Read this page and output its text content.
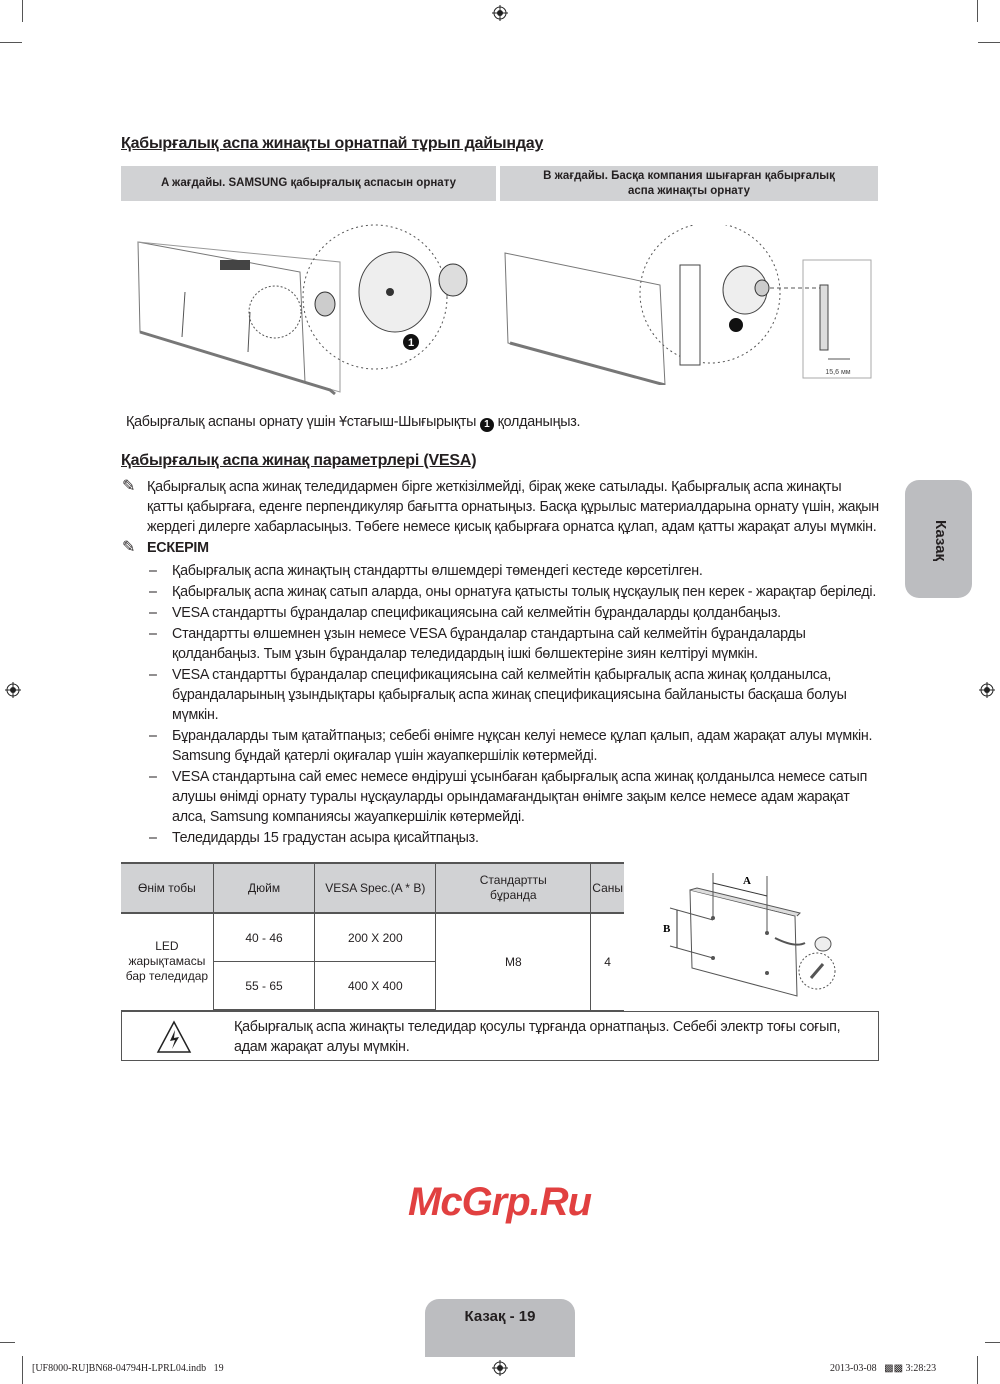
Қабырғалық аспа жинақты орнатпай тұрып дайындау
A жағдайы. SAMSUNG қабырғалық аспасын орнату
B жағдайы. Басқа компания шығарған қабырғалық аспа жинақты орнату
1
15,6 мм
Қабырғалық аспаны орнату үшін Ұстағыш-Шығырықты 1 қолданыңыз.
Қабырғалық аспа жинақ параметрлері (VESA)
✎ Қабырғалық аспа жинақ теледидармен бірге жеткізілмейді, бірақ жеке сатылады. Қабырғалық аспа жинақты қатты қабырғаға, еденге перпендикуляр бағытта орнатыңыз. Басқа құрылыс материалдарына орнату үшін, жақын жердегі дилерге хабарласыңыз. Төбеге немесе қисық қабырғаға орнатса құлап, адам қатты жарақат алуы мүмкін.
✎ ЕСКЕРІМ
– Қабырғалық аспа жинақтың стандартты өлшемдері төмендегі кестеде көрсетілген.
– Қабырғалық аспа жинақ сатып аларда, оны орнатуға қатысты толық нұсқаулық пен керек - жарақтар беріледі.
– VESA стандартты бұрандалар спецификациясына сай келмейтін бұрандаларды қолданбаңыз.
– Стандартты өлшемнен ұзын немесе VESA бұрандалар стандартына сай келмейтін бұрандаларды қолданбаңыз. Тым ұзын бұрандалар теледидардың ішкі бөлшектеріне зиян келтіруі мүмкін.
– VESA стандартты бұрандалар спецификациясына сай келмейтін қабырғалық аспа жинақ қолданылса, бұрандаларының ұзындықтары қабырғалық аспа жинақ спецификациясына байланысты басқаша болуы мүмкін.
– Бұрандаларды тым қатайтпаңыз; себебі өнімге нұқсан келуі немесе құлап қалып, адам жарақат алуы мүмкін. Samsung бұндай қатерлі оқиғалар үшін жауапкершілік көтермейді.
– VESA стандартына сай емес немесе өндіруші ұсынбаған қабырғалық аспа жинақ қолданылса немесе сатып алушы өнімді орнату туралы нұсқауларды орындамағандықтан өнімге зақым келсе немесе адам жарақат алса, Samsung компаниясы жауапкершілік көтермейді.
– Теледидарды 15 градустан асыра қисайтпаңыз.
Өнім тобы	Дюйм	VESA Spec.(A * B)	Стандартты бұранда	Саны
LED жарықтамасы бар теледидар	40 - 46	200 X 200	M8	4
	55 - 65	400 X 400		
A
B
Қабырғалық аспа жинақты теледидар қосулы тұрғанда орнатпаңыз. Себебі электр тоғы соғып, адам жарақат алуы мүмкін.
McGrp.Ru
Казақ
Казақ - 19
[UF8000-RU]BN68-04794H-LPRL04.indb   19	2013-03-08   ▩▩ 3:28:23
